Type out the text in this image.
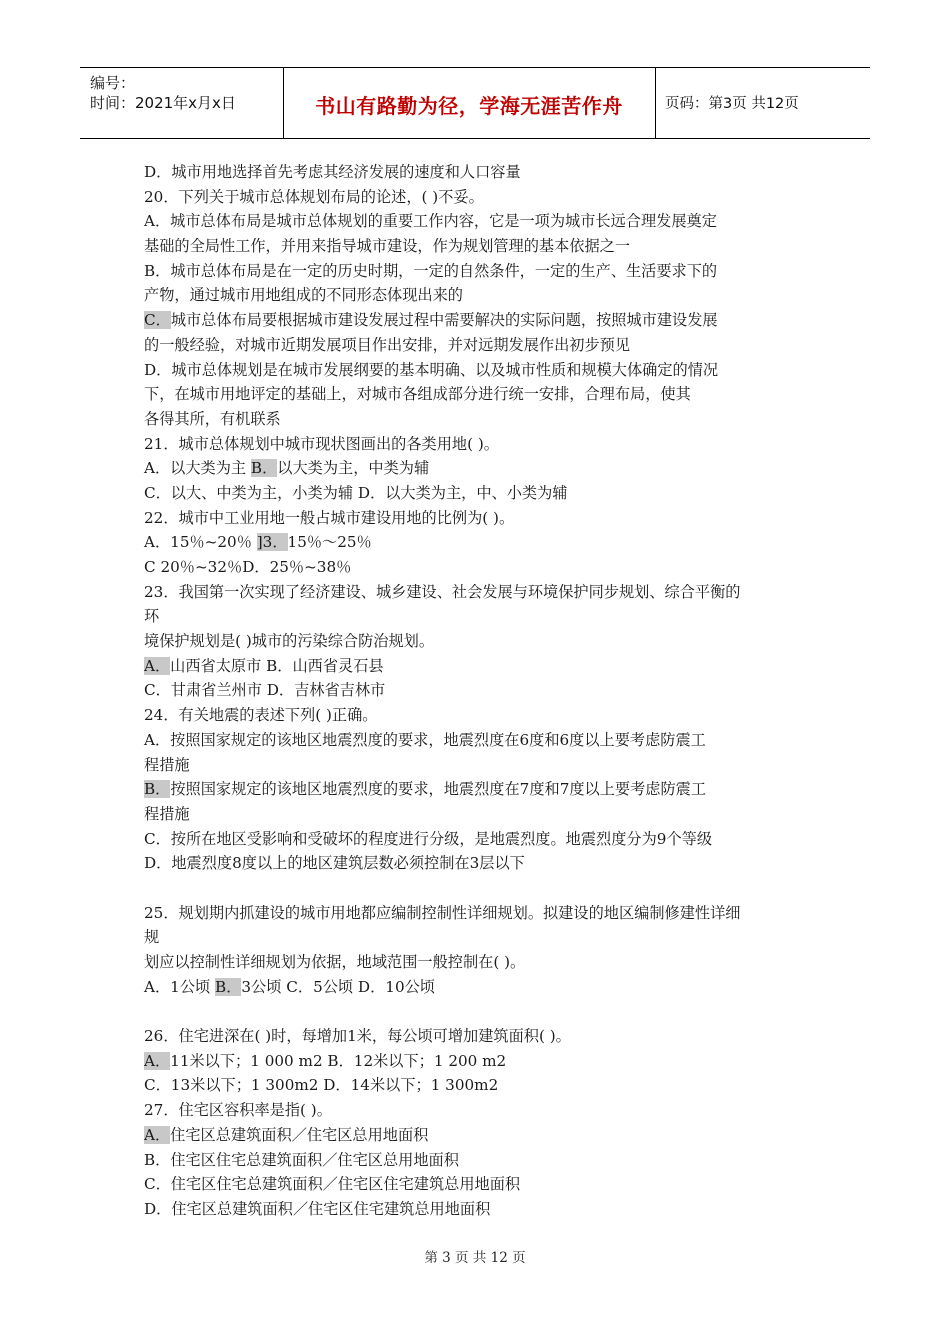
编号：
时间：2021年x月x日	书山有路勤为径，学海无涯苦作舟	页码：第3页 共12页
D．城市用地选择首先考虑其经济发展的速度和人口容量
20．下列关于城市总体规划布局的论述，( )不妥。
A．城市总体布局是城市总体规划的重要工作内容，它是一项为城市长远合理发展奠定
基础的全局性工作，并用来指导城市建设，作为规划管理的基本依据之一
B．城市总体布局是在一定的历史时期，一定的自然条件，一定的生产、生活要求下的
产物，通过城市用地组成的不同形态体现出来的
C．城市总体布局要根据城市建设发展过程中需要解决的实际问题，按照城市建设发展
的一般经验，对城市近期发展项目作出安排，并对远期发展作出初步预见
D．城市总体规划是在城市发展纲要的基本明确、以及城市性质和规模大体确定的情况
下，在城市用地评定的基础上，对城市各组成部分进行统一安排，合理布局，使其
各得其所，有机联系
21．城市总体规划中城市现状图画出的各类用地( )。
A．以大类为主 B．以大类为主，中类为辅
C．以大、中类为主，小类为辅 D．以大类为主，中、小类为辅
22．城市中工业用地一般占城市建设用地的比例为( )。
A．15％~20％ ]3．15％～25％
C 20％~32％D．25％~38％
23．我国第一次实现了经济建设、城乡建设、社会发展与环境保护同步规划、综合平衡的
环
境保护规划是( )城市的污染综合防治规划。
A．山西省太原市 B．山西省灵石县
C．甘肃省兰州市 D．吉林省吉林市
24．有关地震的表述下列( )正确。
A．按照国家规定的该地区地震烈度的要求，地震烈度在6度和6度以上要考虑防震工
程措施
B．按照国家规定的该地区地震烈度的要求，地震烈度在7度和7度以上要考虑防震工
程措施
C．按所在地区受影响和受破坏的程度进行分级，是地震烈度。地震烈度分为9个等级
D．地震烈度8度以上的地区建筑层数必须控制在3层以下
25．规划期内抓建设的城市用地都应编制控制性详细规划。拟建设的地区编制修建性详细
规
划应以控制性详细规划为依据，地域范围一般控制在( )。
A．1公顷 B．3公顷 C．5公顷 D．10公顷
26．住宅进深在( )时，每增加1米，每公顷可增加建筑面积( )。
A．11米以下；1 000 m2 B．12米以下；1 200 m2
C．13米以下；1 300m2 D．14米以下；1 300m2
27．住宅区容积率是指( )。
A．住宅区总建筑面积／住宅区总用地面积
B．住宅区住宅总建筑面积／住宅区总用地面积
C．住宅区住宅总建筑面积／住宅区住宅建筑总用地面积
D．住宅区总建筑面积／住宅区住宅建筑总用地面积
第 3 页 共 12 页
